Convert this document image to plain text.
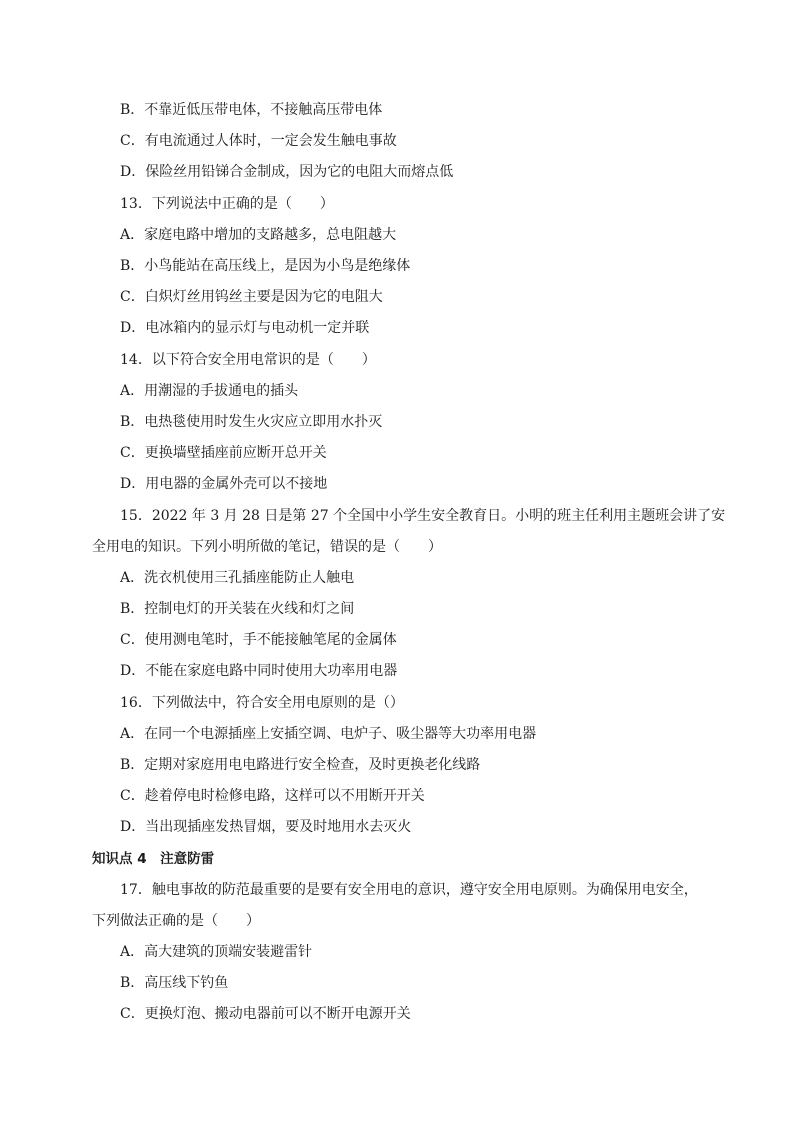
B．不靠近低压带电体，不接触高压带电体
C．有电流通过人体时，一定会发生触电事故
D．保险丝用铅锑合金制成，因为它的电阻大而熔点低
13．下列说法中正确的是（　　）
A．家庭电路中增加的支路越多，总电阻越大
B．小鸟能站在高压线上，是因为小鸟是绝缘体
C．白炽灯丝用钨丝主要是因为它的电阻大
D．电冰箱内的显示灯与电动机一定并联
14．以下符合安全用电常识的是（　　）
A．用潮湿的手拔通电的插头
B．电热毯使用时发生火灾应立即用水扑灭
C．更换墙壁插座前应断开总开关
D．用电器的金属外壳可以不接地
15．2022 年 3 月 28 日是第 27 个全国中小学生安全教育日。小明的班主任利用主题班会讲了安
全用电的知识。下列小明所做的笔记，错误的是（　　）
A．洗衣机使用三孔插座能防止人触电
B．控制电灯的开关装在火线和灯之间
C．使用测电笔时，手不能接触笔尾的金属体
D．不能在家庭电路中同时使用大功率用电器
16．下列做法中，符合安全用电原则的是（）
A．在同一个电源插座上安插空调、电炉子、吸尘器等大功率用电器
B．定期对家庭用电电路进行安全检查，及时更换老化线路
C．趁着停电时检修电路，这样可以不用断开开关
D．当出现插座发热冒烟，要及时地用水去灭火
知识点 4　注意防雷
17．触电事故的防范最重要的是要有安全用电的意识，遵守安全用电原则。为确保用电安全，
下列做法正确的是（　　）
A．高大建筑的顶端安装避雷针
B．高压线下钓鱼
C．更换灯泡、搬动电器前可以不断开电源开关
